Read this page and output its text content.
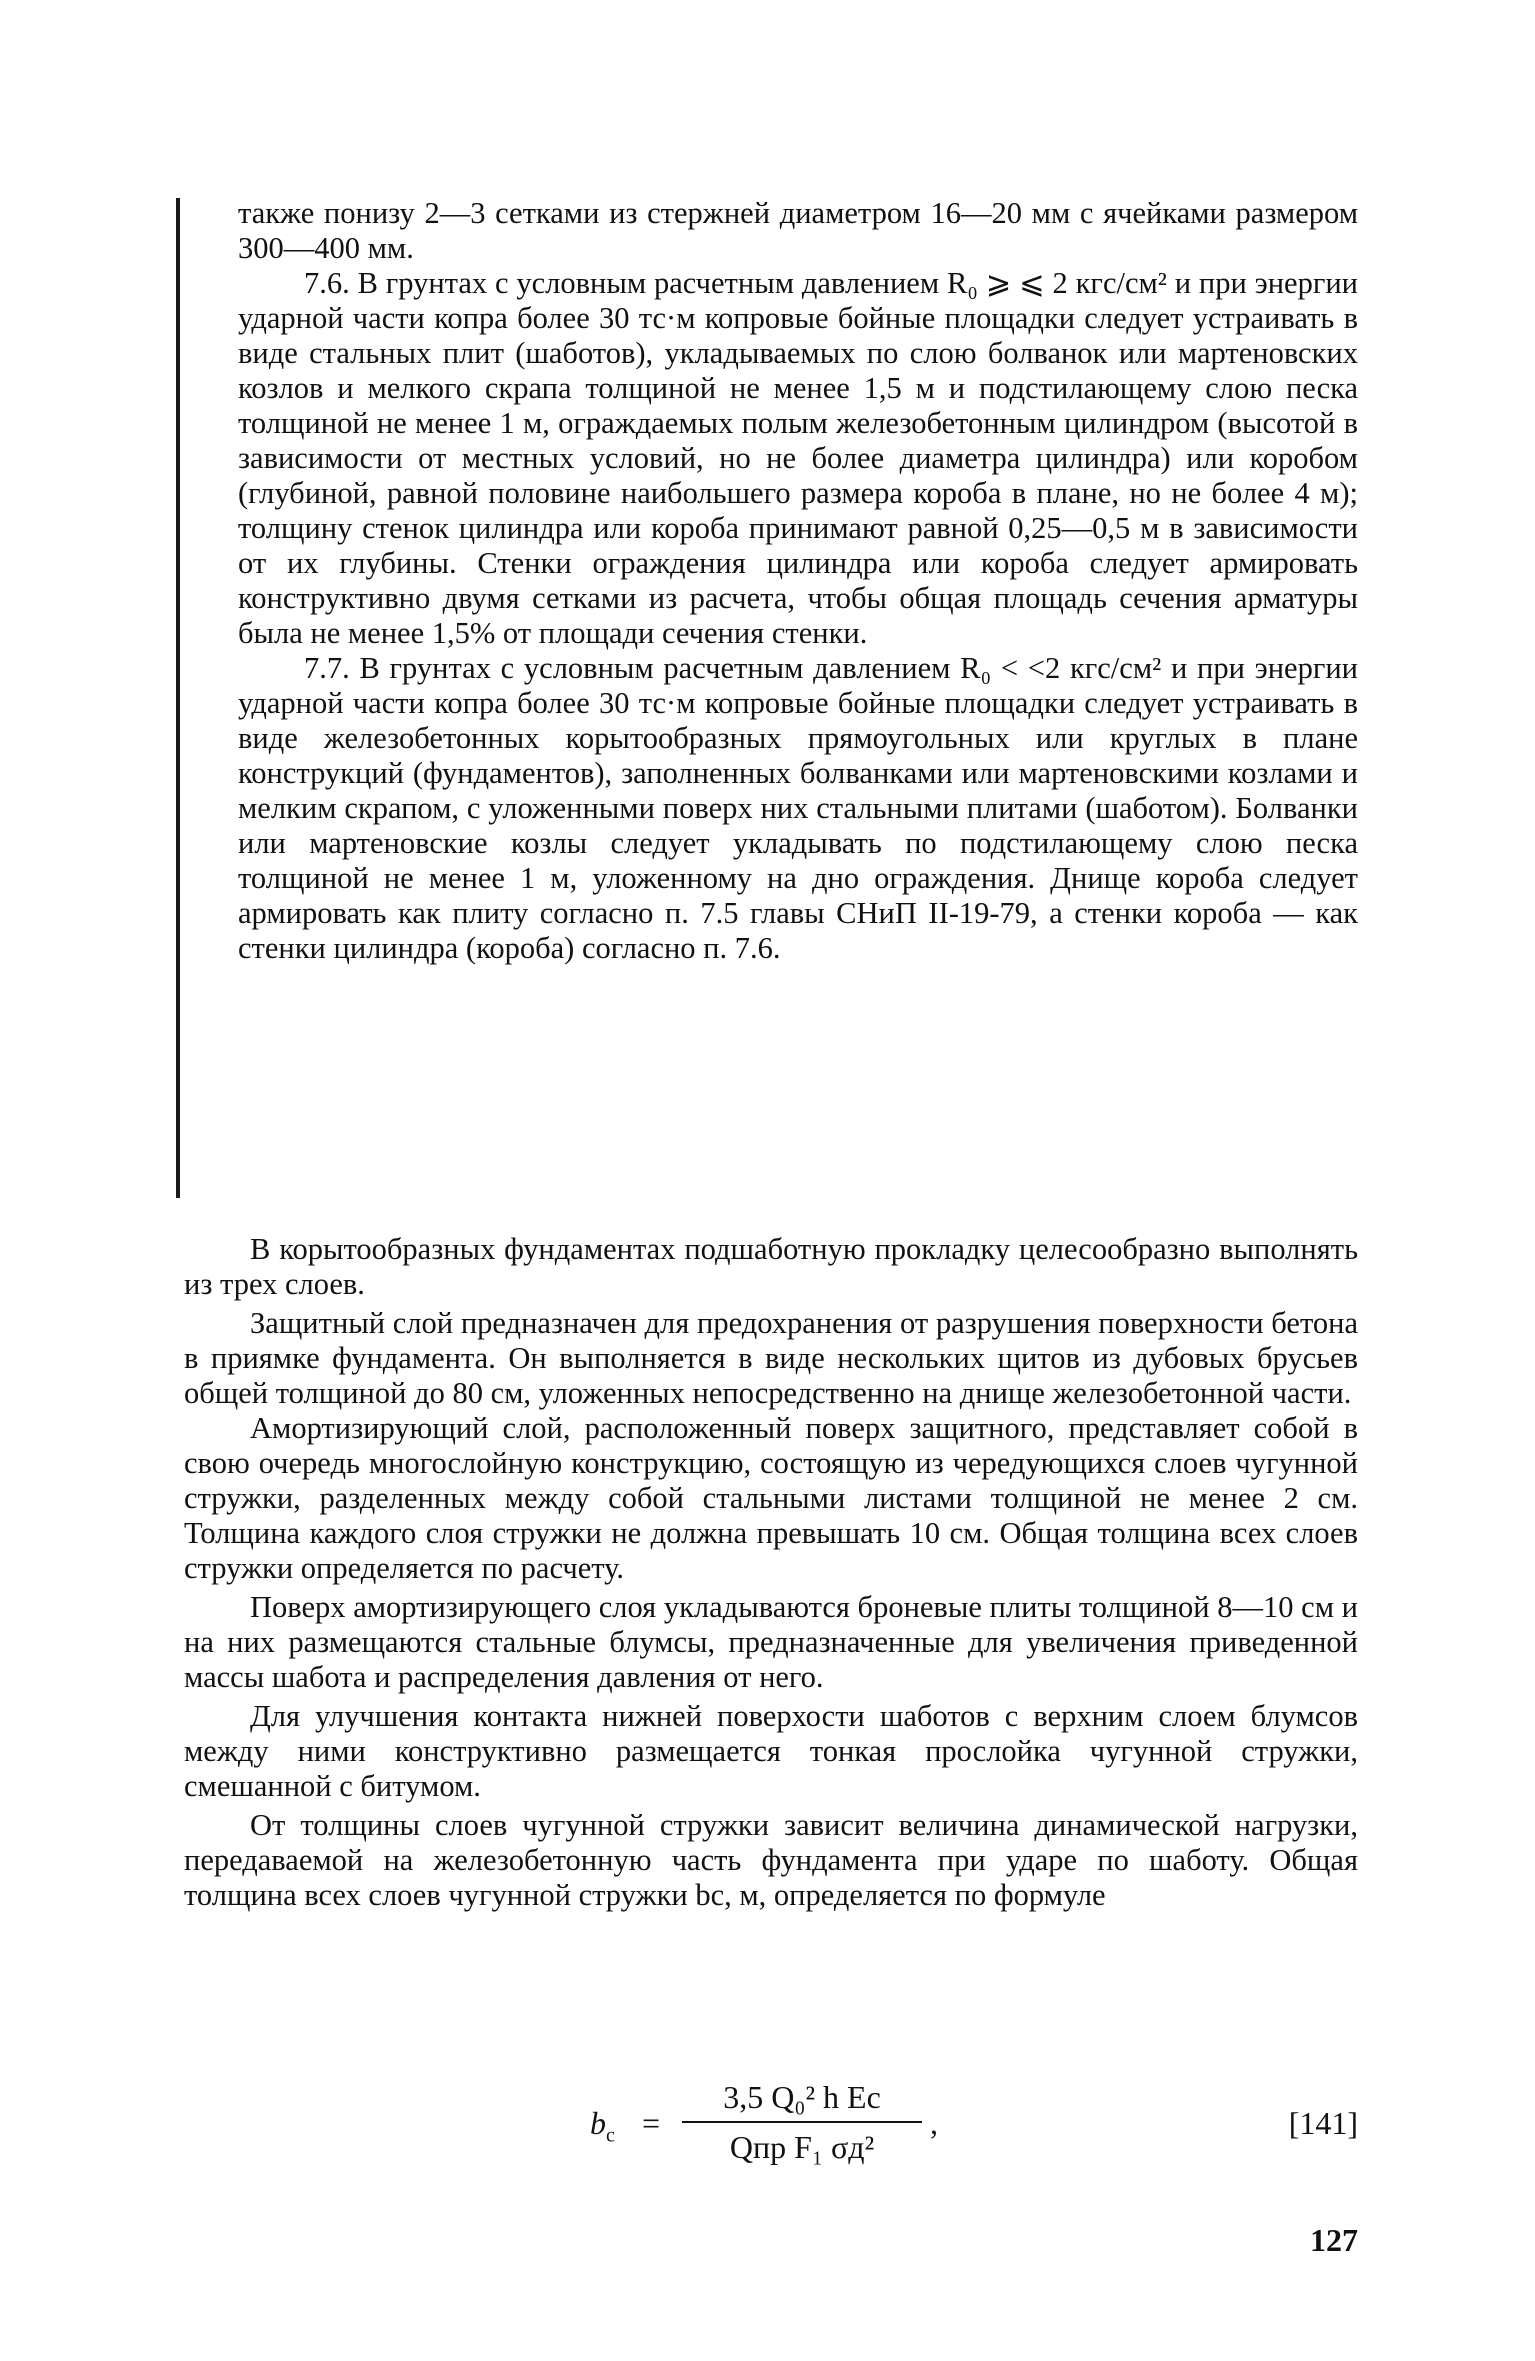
также понизу 2—3 сетками из стержней диаметром 16—20 мм с ячейками размером 300—400 мм.

7.6. В грунтах с условным расчетным давлением R₀ ⩾ ⩽ 2 кгс/см² и при энергии ударной части копра более 30 тс·м копровые бойные площадки следует устраивать в виде стальных плит (шаботов), укладываемых по слою болванок или мартеновских козлов и мелкого скрапа толщиной не менее 1,5 м и подстилающему слою песка толщиной не менее 1 м, ограждаемых полым железобетонным цилиндром (высотой в зависимости от местных условий, но не более диаметра цилиндра) или коробом (глубиной, равной половине наибольшего размера короба в плане, но не более 4 м); толщину стенок цилиндра или короба принимают равной 0,25—0,5 м в зависимости от их глубины. Стенки ограждения цилиндра или короба следует армировать конструктивно двумя сетками из расчета, чтобы общая площадь сечения арматуры была не менее 1,5% от площади сечения стенки.

7.7. В грунтах с условным расчетным давлением R₀ < <2 кгс/см² и при энергии ударной части копра более 30 тс·м копровые бойные площадки следует устраивать в виде железобетонных корытообразных прямоугольных или круглых в плане конструкций (фундаментов), заполненных болванками или мартеновскими козлами и мелким скрапом, с уложенными поверх них стальными плитами (шаботом). Болванки или мартеновские козлы следует укладывать по подстилающему слою песка толщиной не менее 1 м, уложенному на дно ограждения. Днище короба следует армировать как плиту согласно п. 7.5 главы СНиП II-19-79, а стенки короба — как стенки цилиндра (короба) согласно п. 7.6.

В корытообразных фундаментах подшаботную прокладку целесообразно выполнять из трех слоев.

Защитный слой предназначен для предохранения от разрушения поверхности бетона в приямке фундамента. Он выполняется в виде нескольких щитов из дубовых брусьев общей толщиной до 80 см, уложенных непосредственно на днище железобетонной части.

Амортизирующий слой, расположенный поверх защитного, представляет собой в свою очередь многослойную конструкцию, состоящую из чередующихся слоев чугунной стружки, разделенных между собой стальными листами толщиной не менее 2 см. Толщина каждого слоя стружки не должна превышать 10 см. Общая толщина всех слоев стружки определяется по расчету.

Поверх амортизирующего слоя укладываются броневые плиты толщиной 8—10 см и на них размещаются стальные блумсы, предназначенные для увеличения приведенной массы шабота и распределения давления от него.

Для улучшения контакта нижней поверхости шаботов с верхним слоем блумсов между ними конструктивно размещается тонкая прослойка чугунной стружки, смешанной с битумом.

От толщины слоев чугунной стружки зависит величина динамической нагрузки, передаваемой на железобетонную часть фундамента при ударе по шаботу. Общая толщина всех слоев чугунной стружки bс, м, определяется по формуле

$b_с$ =
3,5 Q₀² h Eс
Qпр F₁ σд²
,	[141]
127
